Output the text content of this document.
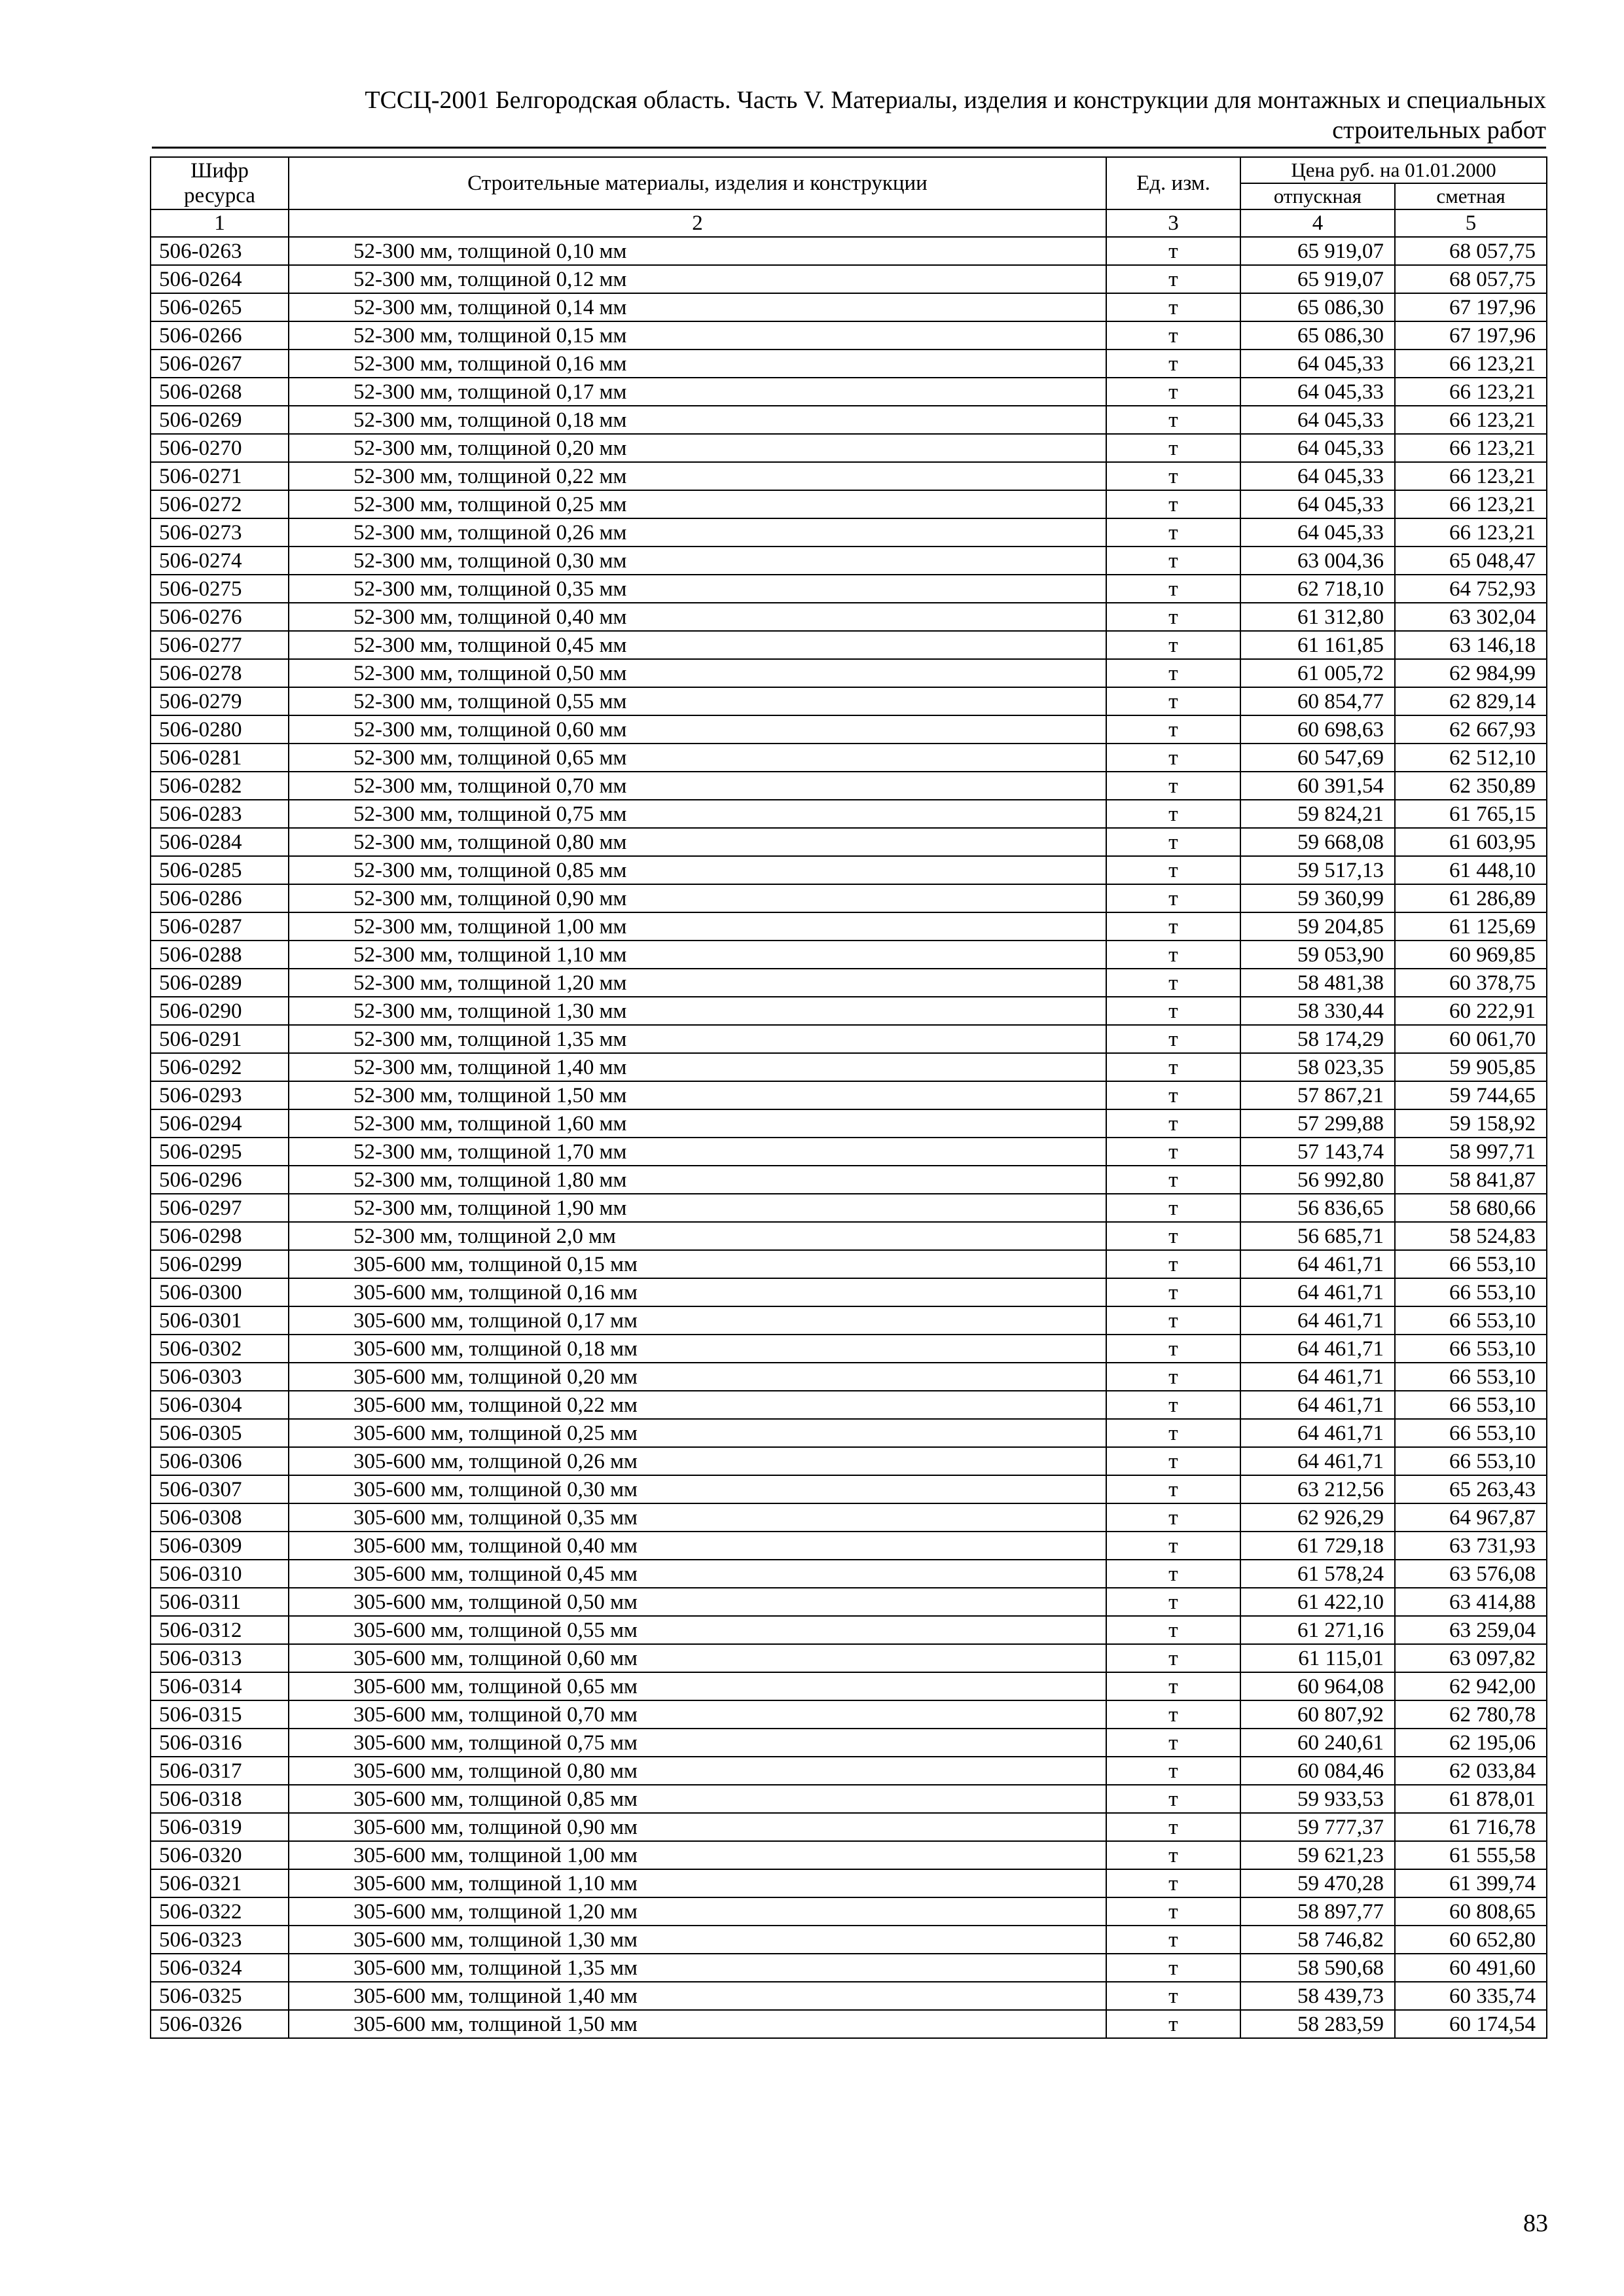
ТССЦ-2001 Белгородская область. Часть V. Материалы, изделия и конструкции для монтажных и специальных
строительных работ
Шифр ресурса	Строительные материалы, изделия и конструкции	Ед. изм.	Цена руб. на 01.01.2000	
			отпускная	сметная
1	2	3	4	5
506-0263	52-300 мм, толщиной 0,10 мм	т	65 919,07	68 057,75
506-0264	52-300 мм, толщиной 0,12 мм	т	65 919,07	68 057,75
506-0265	52-300 мм, толщиной 0,14 мм	т	65 086,30	67 197,96
506-0266	52-300 мм, толщиной 0,15 мм	т	65 086,30	67 197,96
506-0267	52-300 мм, толщиной 0,16 мм	т	64 045,33	66 123,21
506-0268	52-300 мм, толщиной 0,17 мм	т	64 045,33	66 123,21
506-0269	52-300 мм, толщиной 0,18 мм	т	64 045,33	66 123,21
506-0270	52-300 мм, толщиной 0,20 мм	т	64 045,33	66 123,21
506-0271	52-300 мм, толщиной 0,22 мм	т	64 045,33	66 123,21
506-0272	52-300 мм, толщиной 0,25 мм	т	64 045,33	66 123,21
506-0273	52-300 мм, толщиной 0,26 мм	т	64 045,33	66 123,21
506-0274	52-300 мм, толщиной 0,30 мм	т	63 004,36	65 048,47
506-0275	52-300 мм, толщиной 0,35 мм	т	62 718,10	64 752,93
506-0276	52-300 мм, толщиной 0,40 мм	т	61 312,80	63 302,04
506-0277	52-300 мм, толщиной 0,45 мм	т	61 161,85	63 146,18
506-0278	52-300 мм, толщиной 0,50 мм	т	61 005,72	62 984,99
506-0279	52-300 мм, толщиной 0,55 мм	т	60 854,77	62 829,14
506-0280	52-300 мм, толщиной 0,60 мм	т	60 698,63	62 667,93
506-0281	52-300 мм, толщиной 0,65 мм	т	60 547,69	62 512,10
506-0282	52-300 мм, толщиной 0,70 мм	т	60 391,54	62 350,89
506-0283	52-300 мм, толщиной 0,75 мм	т	59 824,21	61 765,15
506-0284	52-300 мм, толщиной 0,80 мм	т	59 668,08	61 603,95
506-0285	52-300 мм, толщиной 0,85 мм	т	59 517,13	61 448,10
506-0286	52-300 мм, толщиной 0,90 мм	т	59 360,99	61 286,89
506-0287	52-300 мм, толщиной 1,00 мм	т	59 204,85	61 125,69
506-0288	52-300 мм, толщиной 1,10 мм	т	59 053,90	60 969,85
506-0289	52-300 мм, толщиной 1,20 мм	т	58 481,38	60 378,75
506-0290	52-300 мм, толщиной 1,30 мм	т	58 330,44	60 222,91
506-0291	52-300 мм, толщиной 1,35 мм	т	58 174,29	60 061,70
506-0292	52-300 мм, толщиной 1,40 мм	т	58 023,35	59 905,85
506-0293	52-300 мм, толщиной 1,50 мм	т	57 867,21	59 744,65
506-0294	52-300 мм, толщиной 1,60 мм	т	57 299,88	59 158,92
506-0295	52-300 мм, толщиной 1,70 мм	т	57 143,74	58 997,71
506-0296	52-300 мм, толщиной 1,80 мм	т	56 992,80	58 841,87
506-0297	52-300 мм, толщиной 1,90 мм	т	56 836,65	58 680,66
506-0298	52-300 мм, толщиной 2,0 мм	т	56 685,71	58 524,83
506-0299	305-600 мм, толщиной 0,15 мм	т	64 461,71	66 553,10
506-0300	305-600 мм, толщиной 0,16 мм	т	64 461,71	66 553,10
506-0301	305-600 мм, толщиной 0,17 мм	т	64 461,71	66 553,10
506-0302	305-600 мм, толщиной 0,18 мм	т	64 461,71	66 553,10
506-0303	305-600 мм, толщиной 0,20 мм	т	64 461,71	66 553,10
506-0304	305-600 мм, толщиной 0,22 мм	т	64 461,71	66 553,10
506-0305	305-600 мм, толщиной 0,25 мм	т	64 461,71	66 553,10
506-0306	305-600 мм, толщиной 0,26 мм	т	64 461,71	66 553,10
506-0307	305-600 мм, толщиной 0,30 мм	т	63 212,56	65 263,43
506-0308	305-600 мм, толщиной 0,35 мм	т	62 926,29	64 967,87
506-0309	305-600 мм, толщиной 0,40 мм	т	61 729,18	63 731,93
506-0310	305-600 мм, толщиной 0,45 мм	т	61 578,24	63 576,08
506-0311	305-600 мм, толщиной 0,50 мм	т	61 422,10	63 414,88
506-0312	305-600 мм, толщиной 0,55 мм	т	61 271,16	63 259,04
506-0313	305-600 мм, толщиной 0,60 мм	т	61 115,01	63 097,82
506-0314	305-600 мм, толщиной 0,65 мм	т	60 964,08	62 942,00
506-0315	305-600 мм, толщиной 0,70 мм	т	60 807,92	62 780,78
506-0316	305-600 мм, толщиной 0,75 мм	т	60 240,61	62 195,06
506-0317	305-600 мм, толщиной 0,80 мм	т	60 084,46	62 033,84
506-0318	305-600 мм, толщиной 0,85 мм	т	59 933,53	61 878,01
506-0319	305-600 мм, толщиной 0,90 мм	т	59 777,37	61 716,78
506-0320	305-600 мм, толщиной 1,00 мм	т	59 621,23	61 555,58
506-0321	305-600 мм, толщиной 1,10 мм	т	59 470,28	61 399,74
506-0322	305-600 мм, толщиной 1,20 мм	т	58 897,77	60 808,65
506-0323	305-600 мм, толщиной 1,30 мм	т	58 746,82	60 652,80
506-0324	305-600 мм, толщиной 1,35 мм	т	58 590,68	60 491,60
506-0325	305-600 мм, толщиной 1,40 мм	т	58 439,73	60 335,74
506-0326	305-600 мм, толщиной 1,50 мм	т	58 283,59	60 174,54
83
